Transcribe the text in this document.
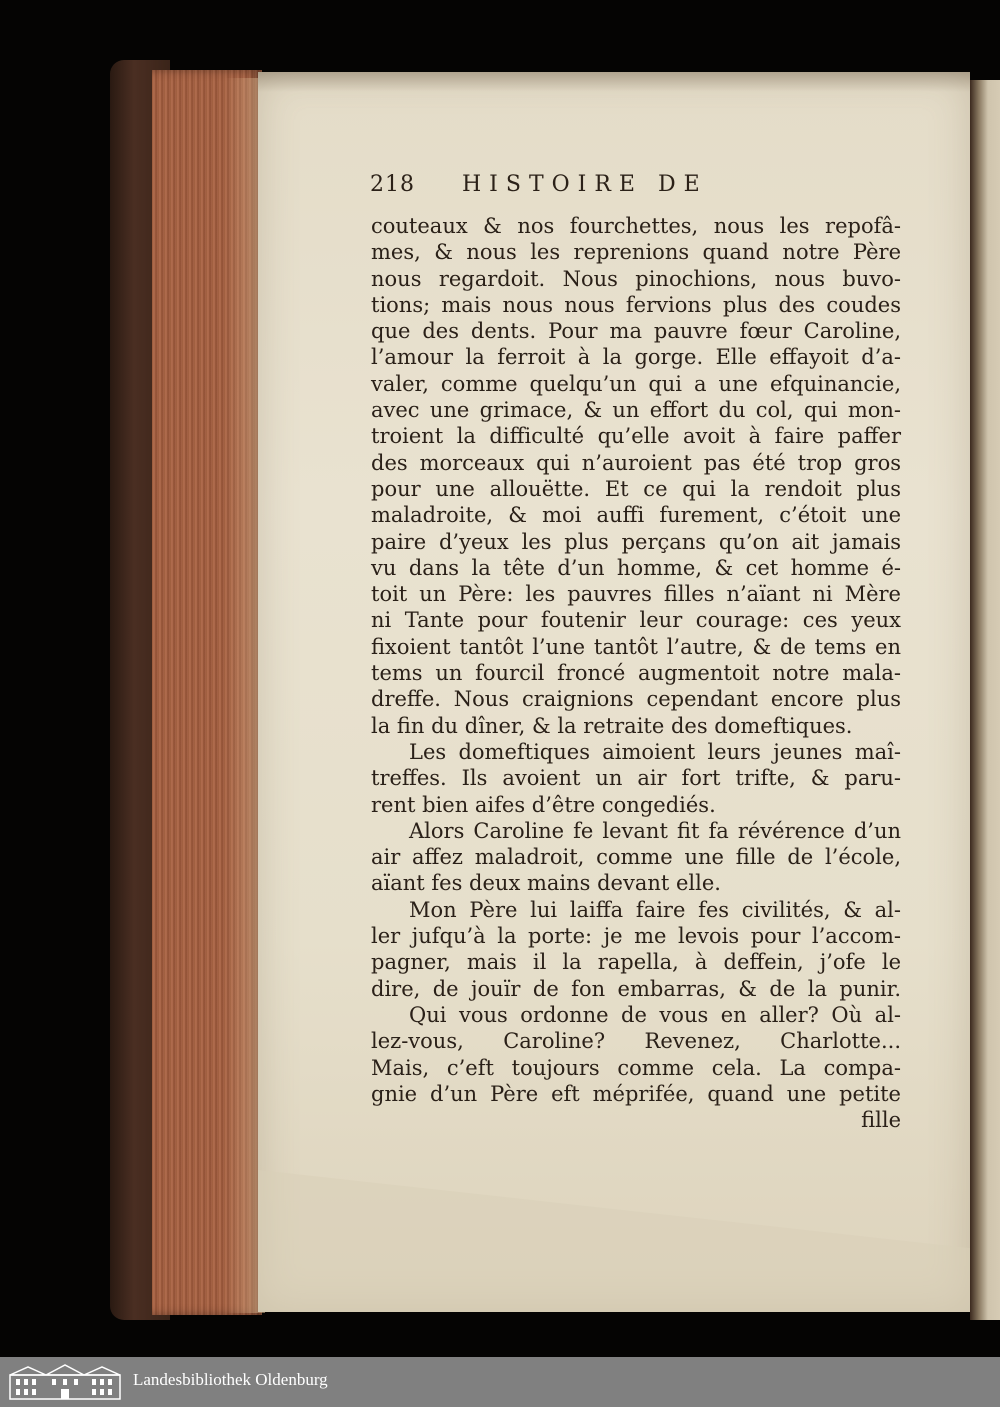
218 HISTOIRE DE
couteaux & nos fourchettes, nous les repofâ-
mes, & nous les reprenions quand notre Père
nous regardoit. Nous pinochions, nous buvo-
tions; mais nous nous fervions plus des coudes
que des dents. Pour ma pauvre fœur Caroline,
l’amour la ferroit à la gorge. Elle effayoit d’a-
valer, comme quelqu’un qui a une efquinancie,
avec une grimace, & un effort du col, qui mon-
troient la difficulté qu’elle avoit à faire paffer
des morceaux qui n’auroient pas été trop gros
pour une allouëtte. Et ce qui la rendoit plus
maladroite, & moi auffi furement, c’étoit une
paire d’yeux les plus perçans qu’on ait jamais
vu dans la tête d’un homme, & cet homme é-
toit un Père: les pauvres filles n’aïant ni Mère
ni Tante pour foutenir leur courage: ces yeux
fixoient tantôt l’une tantôt l’autre, & de tems en
tems un fourcil froncé augmentoit notre mala-
dreffe. Nous craignions cependant encore plus
la fin du dîner, & la retraite des domeftiques.
Les domeftiques aimoient leurs jeunes maî-
treffes. Ils avoient un air fort trifte, & paru-
rent bien aifes d’être congediés.
Alors Caroline fe levant fit fa révérence d’un
air affez maladroit, comme une fille de l’école,
aïant fes deux mains devant elle.
Mon Père lui laiffa faire fes civilités, & al-
ler jufqu’à la porte: je me levois pour l’accom-
pagner, mais il la rapella, à deffein, j’ofe le
dire, de jouïr de fon embarras, & de la punir.
Qui vous ordonne de vous en aller? Où al-
lez-vous, Caroline? Revenez, Charlotte...
Mais, c’eft toujours comme cela. La compa-
gnie d’un Père eft méprifée, quand une petite
fille
Landesbibliothek Oldenburg
